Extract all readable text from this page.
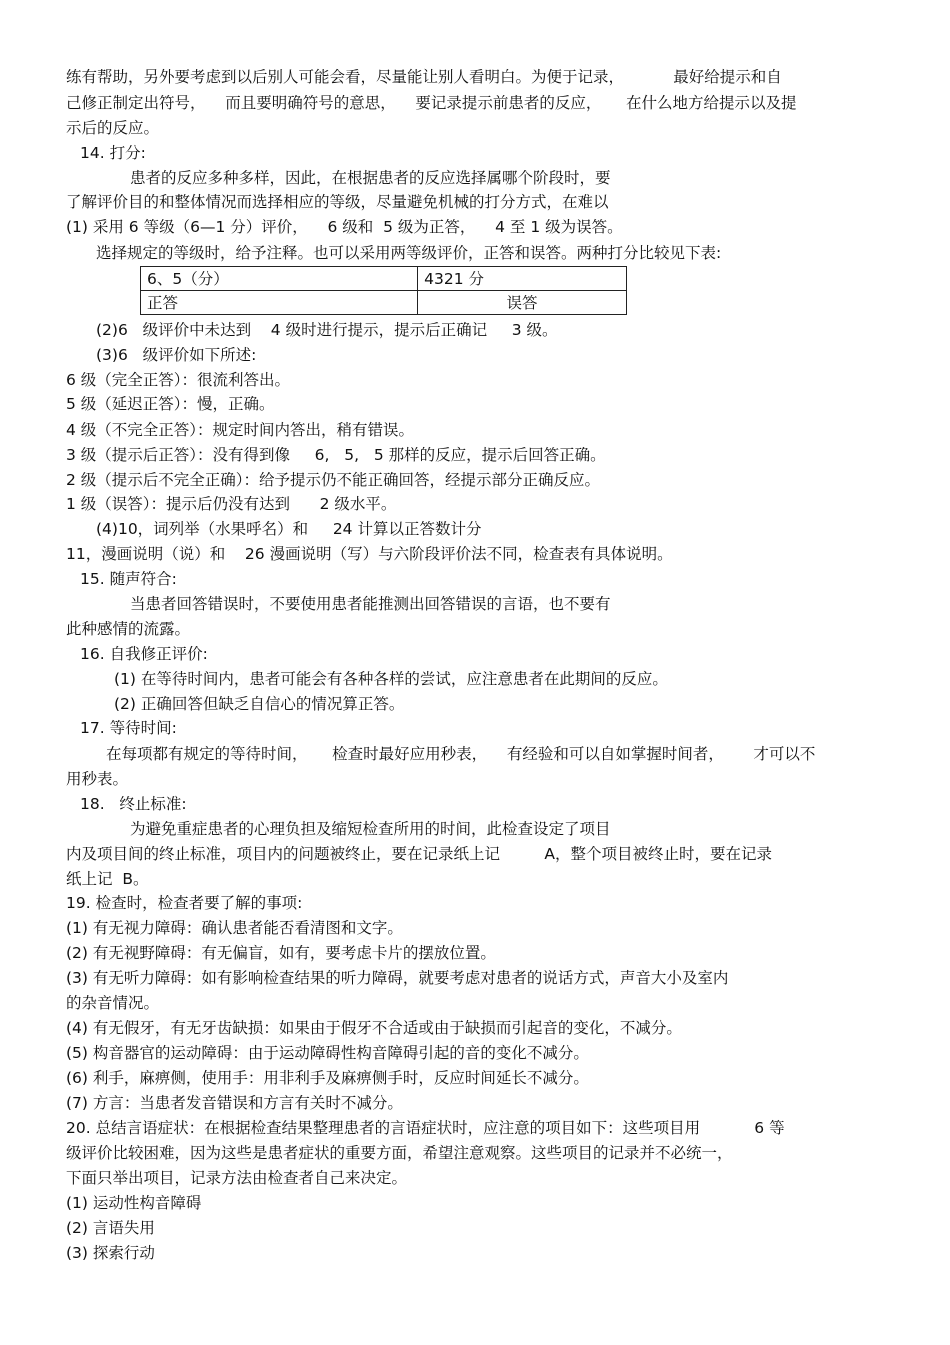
练有帮助，另外要考虑到以后别人可能会看，尽量能让别人看明白。为便于记录，          最好给提示和自
己修正制定出符号，    而且要明确符号的意思，    要记录提示前患者的反应，     在什么地方给提示以及提
示后的反应。
14. 打分:
患者的反应多种多样，因此，在根据患者的反应选择属哪个阶段时，要
了解评价目的和整体情况而选择相应的等级，尽量避免机械的打分方式，在难以
(1) 采用 6 等级（6—1 分）评价，    6 级和  5 级为正答，    4 至 1 级为误答。
选择规定的等级时，给予注释。也可以采用两等级评价，正答和误答。两种打分比较见下表:
6、5（分）	4321 分
正答	误答
(2)6   级评价中未达到    4 级时进行提示，提示后正确记     3 级。
(3)6   级评价如下所述:
6 级（完全正答）：很流利答出。
5 级（延迟正答）：慢，正确。
4 级（不完全正答）：规定时间内答出，稍有错误。
3 级（提示后正答）：没有得到像     6,   5,   5 那样的反应，提示后回答正确。
2 级（提示后不完全正确）：给予提示仍不能正确回答，经提示部分正确反应。
1 级（误答）：提示后仍没有达到      2 级水平。
(4)10，词列举（水果呼名）和     24 计算以正答数计分
11，漫画说明（说）和    26 漫画说明（写）与六阶段评价法不同，检查表有具体说明。
15. 随声符合:
当患者回答错误时，不要使用患者能推测出回答错误的言语，也不要有
此种感情的流露。
16. 自我修正评价:
(1) 在等待时间内，患者可能会有各种各样的尝试，应注意患者在此期间的反应。
(2) 正确回答但缺乏自信心的情况算正答。
17. 等待时间:
在每项都有规定的等待时间，     检查时最好应用秒表，    有经验和可以自如掌握时间者，      才可以不
用秒表。
18.   终止标准:
为避免重症患者的心理负担及缩短检查所用的时间，此检查设定了项目
内及项目间的终止标准，项目内的问题被终止，要在记录纸上记         A，整个项目被终止时，要在记录
纸上记  B。
19. 检查时，检查者要了解的事项:
(1) 有无视力障碍：确认患者能否看清图和文字。
(2) 有无视野障碍：有无偏盲，如有，要考虑卡片的摆放位置。
(3) 有无听力障碍：如有影响检查结果的听力障碍，就要考虑对患者的说话方式，声音大小及室内
的杂音情况。
(4) 有无假牙，有无牙齿缺损：如果由于假牙不合适或由于缺损而引起音的变化，不减分。
(5) 构音器官的运动障碍：由于运动障碍性构音障碍引起的音的变化不减分。
(6) 利手，麻痹侧，使用手：用非利手及麻痹侧手时，反应时间延长不减分。
(7) 方言：当患者发音错误和方言有关时不减分。
20. 总结言语症状：在根据检查结果整理患者的言语症状时，应注意的项目如下：这些项目用           6 等
级评价比较困难，因为这些是患者症状的重要方面，希望注意观察。这些项目的记录并不必统一，
下面只举出项目，记录方法由检查者自己来决定。
(1) 运动性构音障碍
(2) 言语失用
(3) 探索行动
